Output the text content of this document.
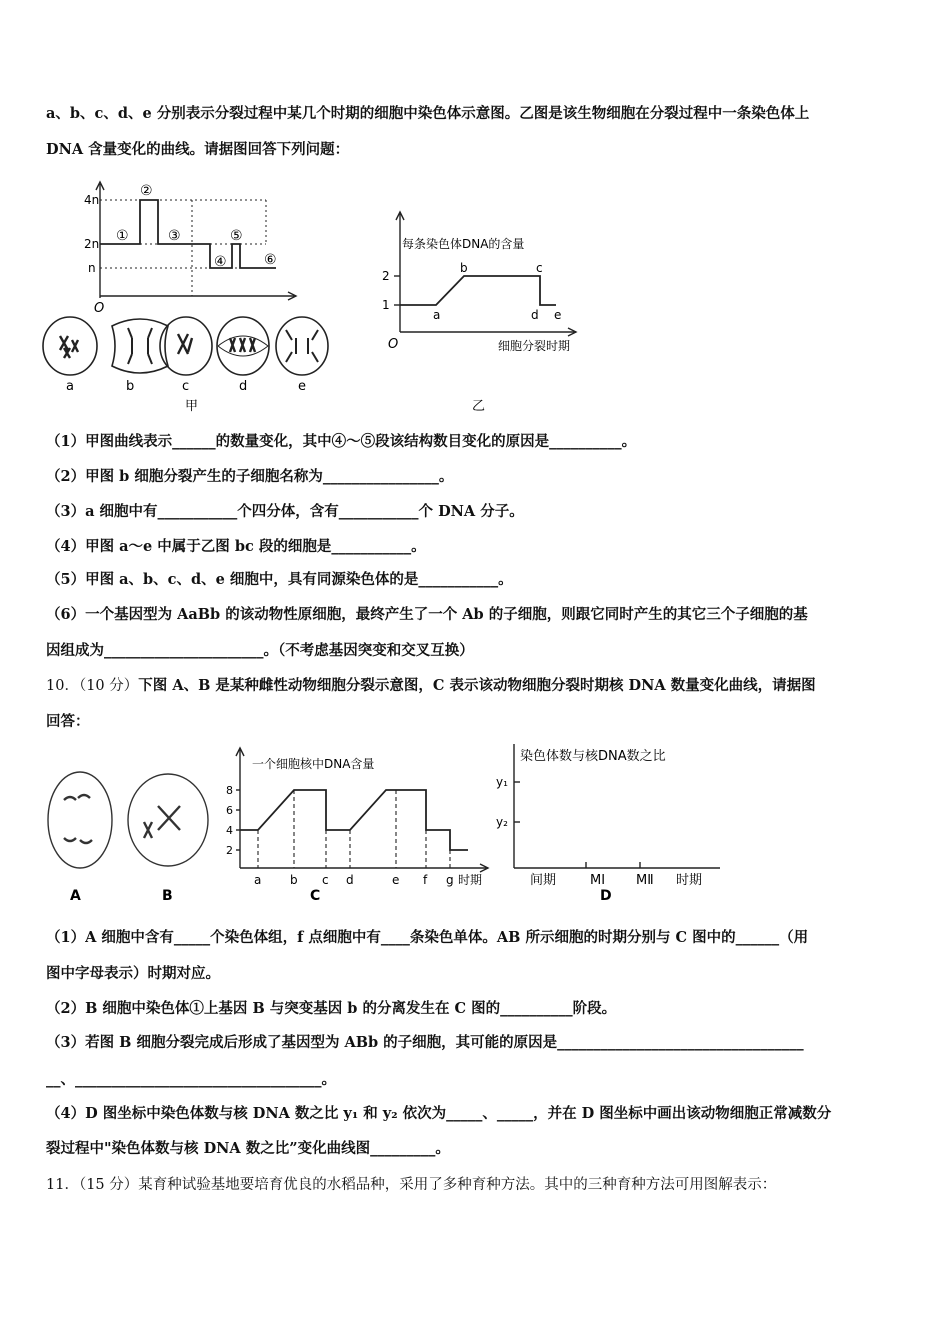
a、b、c、d、e 分别表示分裂过程中某几个时期的细胞中染色体示意图。乙图是该生物细胞在分裂过程中一条染色体上
DNA 含量变化的曲线。请据图回答下列问题：
4n
2n
n
O
①
②
③
④
⑤
⑥
a	b	c	d	e
甲
每条染色体DNA的含量
2
1
O
a
b	c
d e
细胞分裂时期
乙
（1）甲图曲线表示______的数量变化，其中④～⑤段该结构数目变化的原因是__________。
（2）甲图 b 细胞分裂产生的子细胞名称为________________。
（3）a 细胞中有___________个四分体，含有___________个 DNA 分子。
（4）甲图 a～e 中属于乙图 bc 段的细胞是___________。
（5）甲图 a、b、c、d、e 细胞中，具有同源染色体的是___________。
（6）一个基因型为 AaBb 的该动物性原细胞，最终产生了一个 Ab 的子细胞，则跟它同时产生的其它三个子细胞的基
因组成为______________________。（不考虑基因突变和交叉互换）
10．（10 分）下图 A、B 是某种雌性动物细胞分裂示意图，C 表示该动物细胞分裂时期核 DNA 数量变化曲线，请据图
回答：
A	B
一个细胞核中DNA含量
8
6
4
2
a b c d	e f g 时期
C
染色体数与核DNA数之比
y₁
y₂
间期	MⅠ MⅡ 时期
D
（1）A 细胞中含有_____个染色体组，f 点细胞中有____条染色单体。AB 所示细胞的时期分别与 C 图中的______（用
图中字母表示）时期对应。
（2）B 细胞中染色体①上基因 B 与突变基因 b 的分离发生在 C 图的__________阶段。
（3）若图 B 细胞分裂完成后形成了基因型为 ABb 的子细胞，其可能的原因是__________________________________
__、__________________________________。
（4）D 图坐标中染色体数与核 DNA 数之比 y₁ 和 y₂ 依次为_____、_____，并在 D 图坐标中画出该动物细胞正常减数分
裂过程中"染色体数与核 DNA 数之比”变化曲线图_________。
11．（15 分）某育种试验基地要培育优良的水稻品种，采用了多种育种方法。其中的三种育种方法可用图解表示：
